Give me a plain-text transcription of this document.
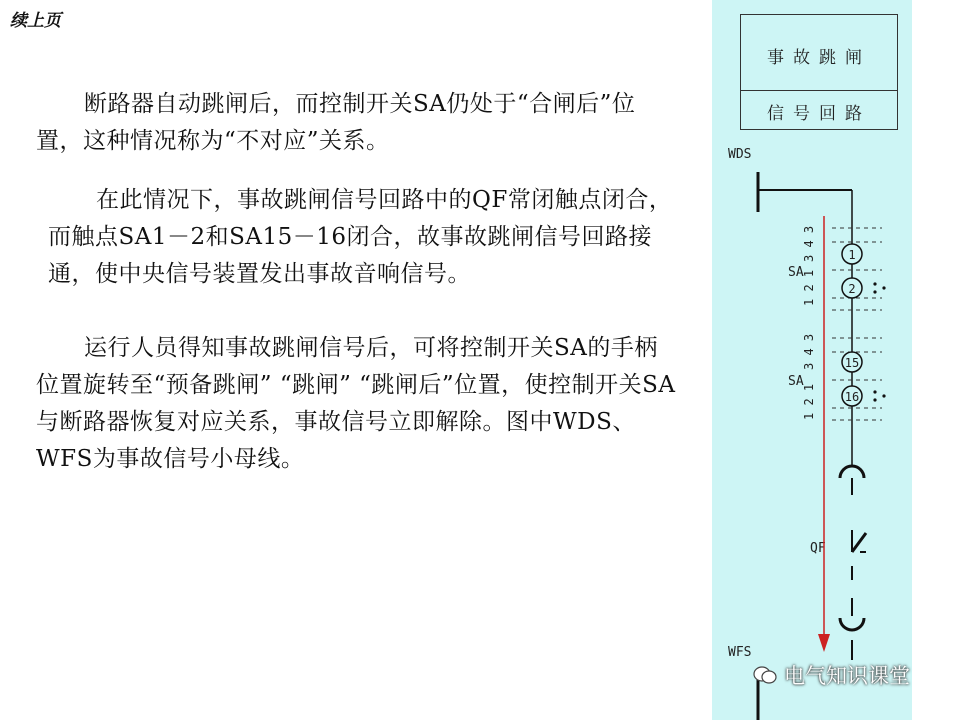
续上页

断路器自动跳闸后，而控制开关SA仍处于“合闸后”位置，这种情况称为“不对应”关系。

在此情况下，事故跳闸信号回路中的QF常闭触点闭合，而触点SA1－2和SA15－16闭合，故事故跳闸信号回路接通，使中央信号装置发出事故音响信号。

运行人员得知事故跳闸信号后，可将控制开关SA的手柄位置旋转至“预备跳闸” “跳闸” “跳闸后”位置，使控制开关SA与断路器恢复对应关系，事故信号立即解除。图中WDS、WFS为事故信号小母线。

事故跳闸
信号回路
WDS
3 4 3
1 2 1
3 4 3
1 2 1
SA
SA
1
2
15
16
QF
WFS
电气知识课堂
